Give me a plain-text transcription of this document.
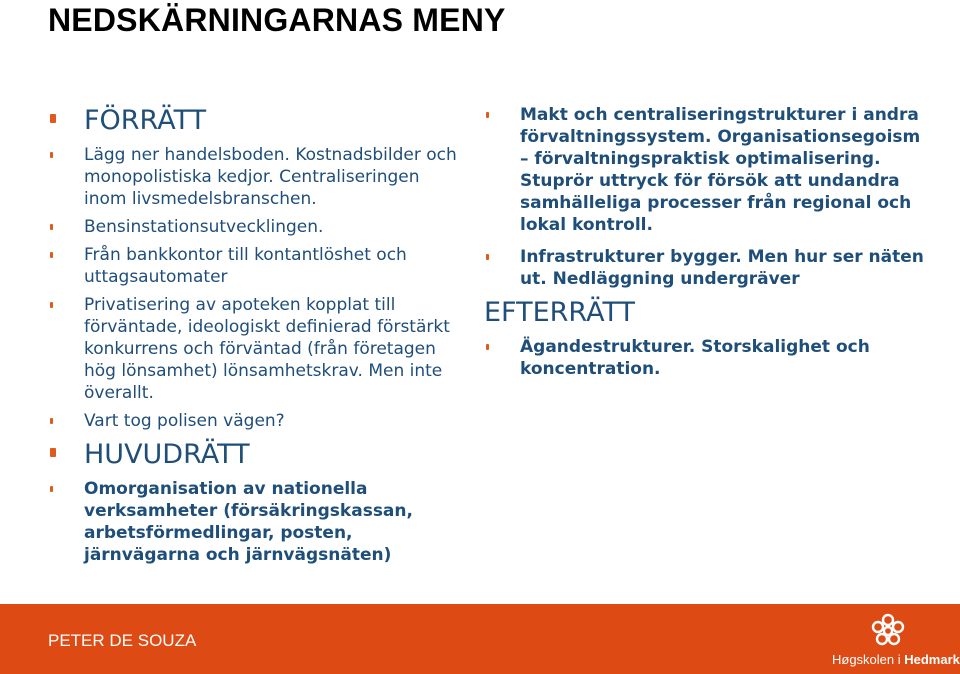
NEDSKÄRNINGARNAS MENY
FÖRRÄTT
Lägg ner handelsboden. Kostnadsbilder och monopolistiska kedjor. Centraliseringen inom livsmedelsbranschen.
Bensinstationsutvecklingen.
Från bankkontor till kontantlöshet och uttagsautomater
Privatisering av apoteken kopplat till förväntade, ideologiskt definierad förstärkt konkurrens och förväntad (från företagen hög lönsamhet) lönsamhetskrav. Men inte överallt.
Vart tog polisen vägen?
HUVUDRÄTT
Omorganisation av nationella verksamheter (försäkringskassan, arbetsförmedlingar, posten, järnvägarna och järnvägsnäten)
Makt och centraliseringstrukturer i andra förvaltningssystem. Organisationsegoism – förvaltningspraktisk optimalisering. Stuprör uttryck för försök att undandra samhälleliga processer från regional och lokal kontroll.
Infrastrukturer bygger. Men hur ser näten ut. Nedläggning undergräver
EFTERRÄTT
Ägandestrukturer. Storskalighet och koncentration.
PETER DE SOUZA
Høgskolen i Hedmark
